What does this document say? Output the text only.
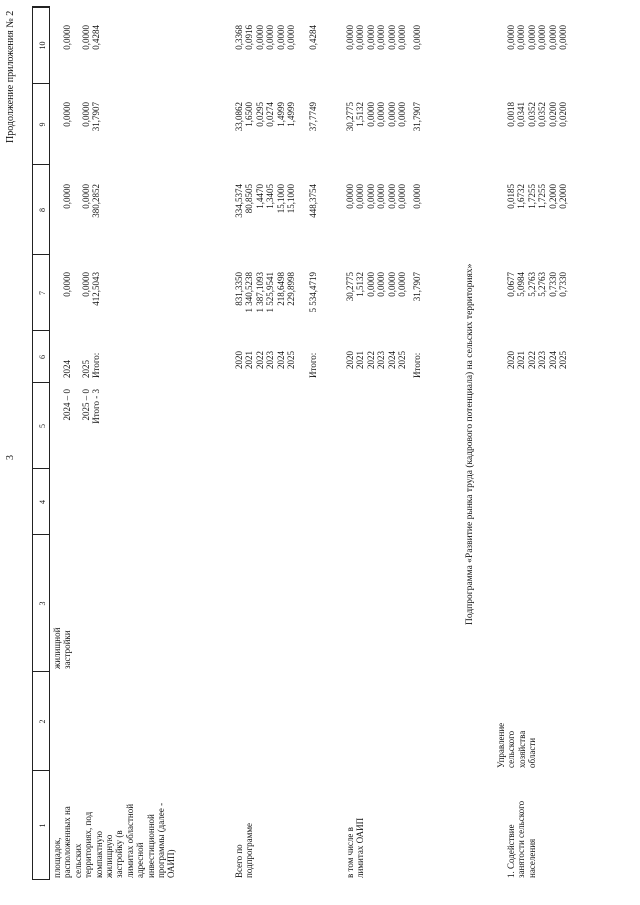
3
Продолжение приложения № 2
1
2
3
4
5
6
7
8
9
10
площадок, расположенных на сельских территориях, под компактную жилищную застройку (в лимитах областной адресной инвестиционной программы (далее - ОАИП)
жилищной застройки
2024 – 0 2025 – 0 Итого - 3
2024 2025 Итого:
0,0000 0,0000 412,5043
0,0000 0,0000 380,2852
0,0000 0,0000 31,7907
0,0000 0,0000 0,4284
Всего по подпрограмме
2020 2021 2022 2023 2024 2025
831,3350 1 340,5238 1 387,1093 1 525,9541 218,6498 229,8998
334,5374 80,8505 1,4470 1,3405 15,1000 15,1000
33,0862 1,6500 0,0295 0,0274 1,4999 1,4999
0,3368 0,0916 0,0000 0,0000 0,0000 0,0000
Итого:
5 534,4719
448,3754
37,7749
0,4284
в том числе в лимитах ОАИП
2020 2021 2022 2023 2024 2025
30,2775 1,5132 0,0000 0,0000 0,0000 0,0000
0,0000 0,0000 0,0000 0,0000 0,0000 0,0000
30,2775 1,5132 0,0000 0,0000 0,0000 0,0000
0,0000 0,0000 0,0000 0,0000 0,0000 0,0000
Итого:
31,7907
0,0000
31,7907
0,0000
1. Содействие занятости сельского населения
Управление сельского хозяйства области
2020 2021 2022 2023 2024 2025
0,0677 5,0984 5,2763 5,2763 0,7330 0,7330
0,0185 1,6732 1,7255 1,7255 0,2000 0,2000
0,0018 0,0341 0,0352 0,0352 0,0200 0,0200
0,0000 0,0000 0,0000 0,0000 0,0000 0,0000
Подпрограмма «Развитие рынка труда (кадрового потенциала) на сельских территориях»
